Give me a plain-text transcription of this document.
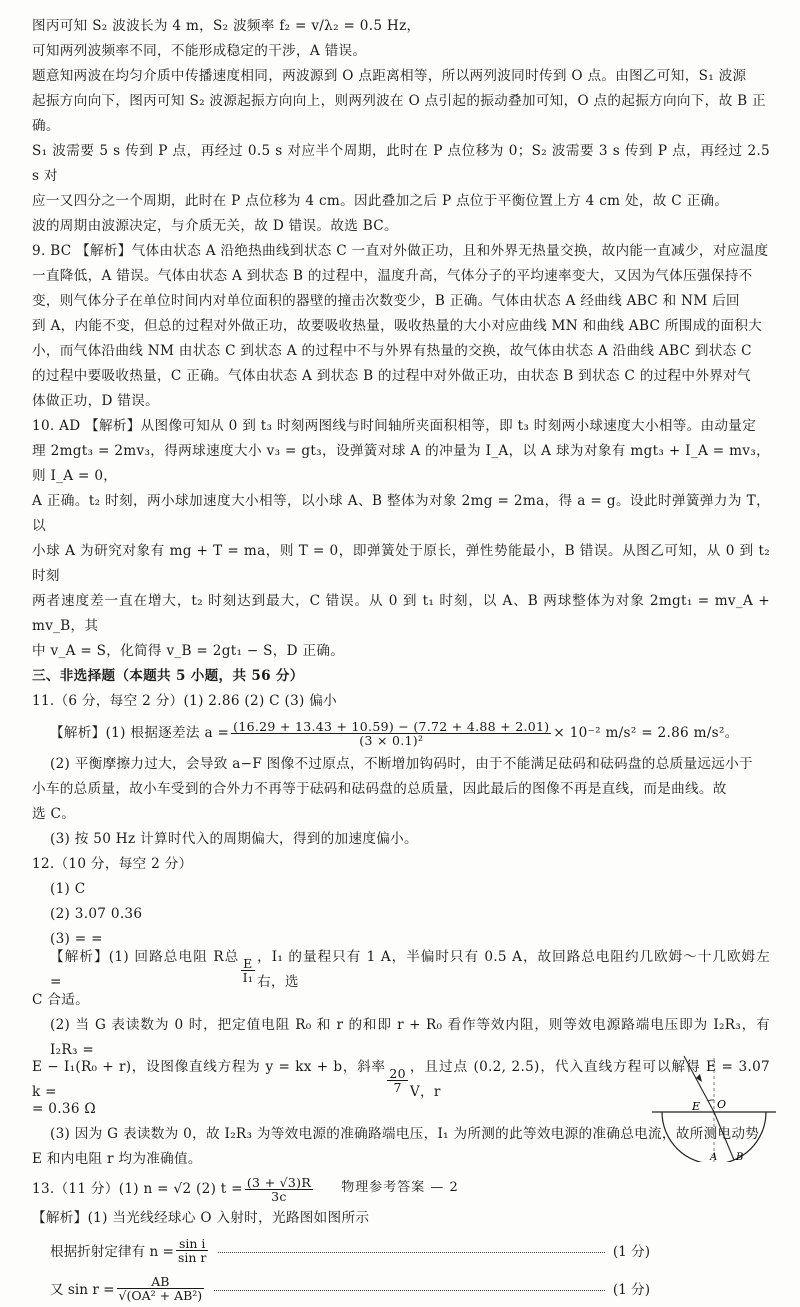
图丙可知 S₂ 波波长为 4 m，S₂ 波频率 f₂ = v/λ₂ = 0.5 Hz，

可知两列波频率不同，不能形成稳定的干涉，A 错误。

题意知两波在均匀介质中传播速度相同，两波源到 O 点距离相等，所以两列波同时传到 O 点。由图乙可知，S₁ 波源

起振方向向下，图丙可知 S₂ 波源起振方向向上，则两列波在 O 点引起的振动叠加可知，O 点的起振方向向下，故 B 正

确。

S₁ 波需要 5 s 传到 P 点，再经过 0.5 s 对应半个周期，此时在 P 点位移为 0；S₂ 波需要 3 s 传到 P 点，再经过 2.5 s 对

应一又四分之一个周期，此时在 P 点位移为 4 cm。因此叠加之后 P 点位于平衡位置上方 4 cm 处，故 C 正确。

波的周期由波源决定，与介质无关，故 D 错误。故选 BC。

9. BC 【解析】气体由状态 A 沿绝热曲线到状态 C 一直对外做正功，且和外界无热量交换，故内能一直减少，对应温度

一直降低，A 错误。气体由状态 A 到状态 B 的过程中，温度升高，气体分子的平均速率变大，又因为气体压强保持不

变，则气体分子在单位时间内对单位面积的器壁的撞击次数变少，B 正确。气体由状态 A 经曲线 ABC 和 NM 后回

到 A，内能不变，但总的过程对外做正功，故要吸收热量，吸收热量的大小对应曲线 MN 和曲线 ABC 所围成的面积大

小，而气体沿曲线 NM 由状态 C 到状态 A 的过程中不与外界有热量的交换，故气体由状态 A 沿曲线 ABC 到状态 C

的过程中要吸收热量，C 正确。气体由状态 A 到状态 B 的过程中对外做正功，由状态 B 到状态 C 的过程中外界对气

体做正功，D 错误。

10. AD 【解析】从图像可知从 0 到 t₃ 时刻两图线与时间轴所夹面积相等，即 t₃ 时刻两小球速度大小相等。由动量定

理 2mgt₃ = 2mv₃，得两球速度大小 v₃ = gt₃，设弹簧对球 A 的冲量为 I_A，以 A 球为对象有 mgt₃ + I_A = mv₃，则 I_A = 0，

A 正确。t₂ 时刻，两小球加速度大小相等，以小球 A、B 整体为对象 2mg = 2ma，得 a = g。设此时弹簧弹力为 T，以

小球 A 为研究对象有 mg + T = ma，则 T = 0，即弹簧处于原长，弹性势能最小，B 错误。从图乙可知，从 0 到 t₂ 时刻

两者速度差一直在增大，t₂ 时刻达到最大，C 错误。从 0 到 t₁ 时刻，以 A、B 两球整体为对象 2mgt₁ = mv_A + mv_B，其

中 v_A = S，化简得 v_B = 2gt₁ − S，D 正确。

三、非选择题（本题共 5 小题，共 56 分）

11.（6 分，每空 2 分）(1) 2.86 (2) C (3) 偏小

【解析】(1) 根据逐差法 $a = \frac{(16.29 + 13.43 + 10.59) - (7.72 + 4.88 + 2.01)}{\text{(3 × 0.1)²}} \times 10^{-2}$ m/s² = 2.86 m/s²。

(2) 平衡摩擦力过大，会导致 a−F 图像不过原点，不断增加钩码时，由于不能满足砝码和砝码盘的总质量远远小于

小车的总质量，故小车受到的合外力不再等于砝码和砝码盘的总质量，因此最后的图像不再是直线，而是曲线。故

选 C。

(3) 按 50 Hz 计算时代入的周期偏大，得到的加速度偏小。

12.（10 分，每空 2 分）

(1) C

(2) 3.07 0.36

(3) = =

【解析】(1) 回路总电阻 R总 =	$\frac{E}{\text{I₁}}$ ，I₁ 的量程只有 1 A，半偏时只有 0.5 A，故回路总电阻约几欧姆～十几欧姆左右，选

C 合适。

(2) 当 G 表读数为 0 时，把定值电阻 R₀ 和 r 的和即 r + R₀ 看作等效内阻，则等效电源路端电压即为 I₂R₃，有 I₂R₃ =

E − I₁(R₀ + r)，设图像直线方程为 y = kx + b，斜率 k =	$\frac{20}{7}$ ，且过点 (0.2, 2.5)，代入直线方程可以解得 E = 3.07 V，r

= 0.36 Ω

(3) 因为 G 表读数为 0，故 I₂R₃ 为等效电源的准确路端电压，I₁ 为所测的此等效电源的准确总电流，故所测电动势

E 和内电阻 r 均为准确值。

13.（11 分）(1) n = √2 (2) $t = \frac{(3 + √3)R}{3c}$

【解析】(1) 当光线经球心 O 入射时，光路图如图所示

根据折射定律有 $n = \frac{\text{sin i}}{\text{sin r}}$	(1 分)
又 $\sin r = \frac{AB}{\text{√(OA² + AB²)}}$	(1 分)
E O
A B
物理参考答案 — 2
